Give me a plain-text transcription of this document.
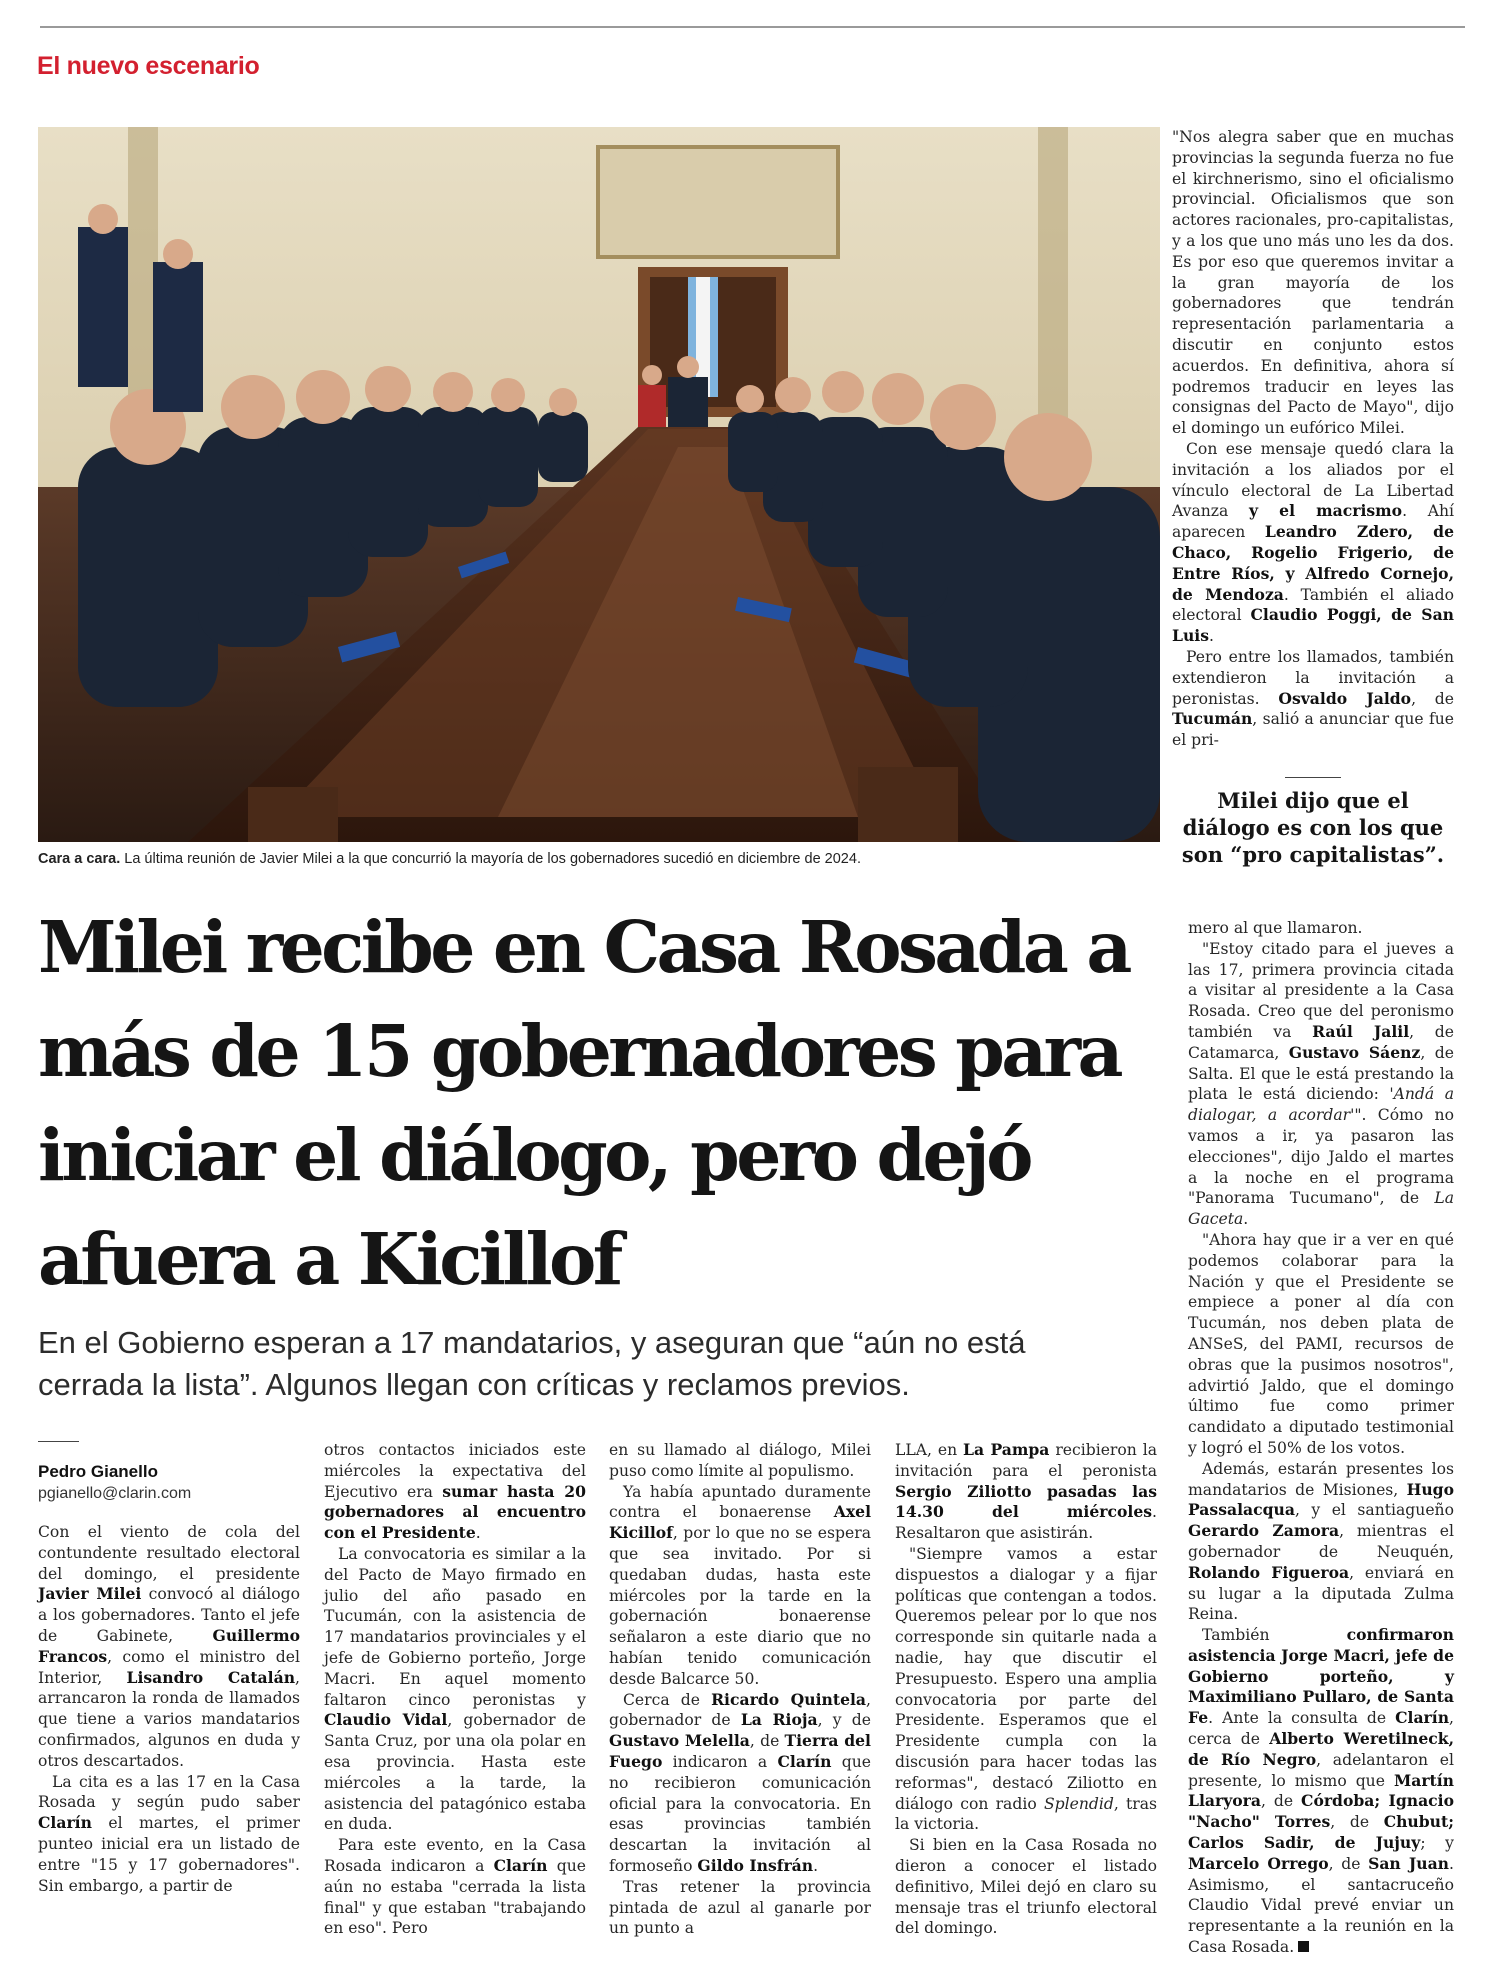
El nuevo escenario
Cara a cara. La última reunión de Javier Milei a la que concurrió la mayoría de los gobernadores sucedió en diciembre de 2024.

"Nos alegra saber que en muchas provincias la segunda fuerza no fue el kirchnerismo, sino el oficialismo provincial. Oficialismos que son actores racionales, pro-capitalistas, y a los que uno más uno les da dos. Es por eso que queremos invitar a la gran mayoría de los gobernadores que tendrán representación parlamentaria a discutir en conjunto estos acuerdos. En definitiva, ahora sí podremos traducir en leyes las consignas del Pacto de Mayo", dijo el domingo un eufórico Milei.

Con ese mensaje quedó clara la invitación a los aliados por el vínculo electoral de La Libertad Avanza y el macrismo. Ahí aparecen Leandro Zdero, de Chaco, Rogelio Frigerio, de Entre Ríos, y Alfredo Cornejo, de Mendoza. También el aliado electoral Claudio Poggi, de San Luis.

Pero entre los llamados, también extendieron la invitación a peronistas. Osvaldo Jaldo, de Tucumán, salió a anunciar que fue el pri-

Milei dijo que el diálogo es con los que son “pro capitalistas”.

mero al que llamaron.

"Estoy citado para el jueves a las 17, primera provincia citada a visitar al presidente a la Casa Rosada. Creo que del peronismo también va Raúl Jalil, de Catamarca, Gustavo Sáenz, de Salta. El que le está prestando la plata le está diciendo: 'Andá a dialogar, a acordar'". Cómo no vamos a ir, ya pasaron las elecciones", dijo Jaldo el martes a la noche en el programa "Panorama Tucumano", de La Gaceta.

"Ahora hay que ir a ver en qué podemos colaborar para la Nación y que el Presidente se empiece a poner al día con Tucumán, nos deben plata de ANSeS, del PAMI, recursos de obras que la pusimos nosotros", advirtió Jaldo, que el domingo último fue como primer candidato a diputado testimonial y logró el 50% de los votos.

Además, estarán presentes los mandatarios de Misiones, Hugo Passalacqua, y el santiagueño Gerardo Zamora, mientras el gobernador de Neuquén, Rolando Figueroa, enviará en su lugar a la diputada Zulma Reina.

También confirmaron asistencia Jorge Macri, jefe de Gobierno porteño, y Maximiliano Pullaro, de Santa Fe. Ante la consulta de Clarín, cerca de Alberto Weretilneck, de Río Negro, adelantaron el presente, lo mismo que Martín Llaryora, de Córdoba; Ignacio "Nacho" Torres, de Chubut; Carlos Sadir, de Jujuy; y Marcelo Orrego, de San Juan. Asimismo, el santacruceño Claudio Vidal prevé enviar un representante a la reunión en la Casa Rosada.

Milei recibe en Casa Rosada a más de 15 gobernadores para iniciar el diálogo, pero dejó afuera a Kicillof

En el Gobierno esperan a 17 mandatarios, y aseguran que “aún no está cerrada la lista”. Algunos llegan con críticas y reclamos previos.

Pedro Gianello
pgianello@clarin.com

Con el viento de cola del contundente resultado electoral del domingo, el presidente Javier Milei convocó al diálogo a los gobernadores. Tanto el jefe de Gabinete, Guillermo Francos, como el ministro del Interior, Lisandro Catalán, arrancaron la ronda de llamados que tiene a varios mandatarios confirmados, algunos en duda y otros descartados.

La cita es a las 17 en la Casa Rosada y según pudo saber Clarín el martes, el primer punteo inicial era un listado de entre "15 y 17 gobernadores". Sin embargo, a partir de

otros contactos iniciados este miércoles la expectativa del Ejecutivo era sumar hasta 20 gobernadores al encuentro con el Presidente.

La convocatoria es similar a la del Pacto de Mayo firmado en julio del año pasado en Tucumán, con la asistencia de 17 mandatarios provinciales y el jefe de Gobierno porteño, Jorge Macri. En aquel momento faltaron cinco peronistas y Claudio Vidal, gobernador de Santa Cruz, por una ola polar en esa provincia. Hasta este miércoles a la tarde, la asistencia del patagónico estaba en duda.

Para este evento, en la Casa Rosada indicaron a Clarín que aún no estaba "cerrada la lista final" y que estaban "trabajando en eso". Pero

en su llamado al diálogo, Milei puso como límite al populismo.

Ya había apuntado duramente contra el bonaerense Axel Kicillof, por lo que no se espera que sea invitado. Por si quedaban dudas, hasta este miércoles por la tarde en la gobernación bonaerense señalaron a este diario que no habían tenido comunicación desde Balcarce 50.

Cerca de Ricardo Quintela, gobernador de La Rioja, y de Gustavo Melella, de Tierra del Fuego indicaron a Clarín que no recibieron comunicación oficial para la convocatoria. En esas provincias también descartan la invitación al formoseño Gildo Insfrán.

Tras retener la provincia pintada de azul al ganarle por un punto a

LLA, en La Pampa recibieron la invitación para el peronista Sergio Ziliotto pasadas las 14.30 del miércoles. Resaltaron que asistirán.

"Siempre vamos a estar dispuestos a dialogar y a fijar políticas que contengan a todos. Queremos pelear por lo que nos corresponde sin quitarle nada a nadie, hay que discutir el Presupuesto. Espero una amplia convocatoria por parte del Presidente. Esperamos que el Presidente cumpla con la discusión para hacer todas las reformas", destacó Ziliotto en diálogo con radio Splendid, tras la victoria.

Si bien en la Casa Rosada no dieron a conocer el listado definitivo, Milei dejó en claro su mensaje tras el triunfo electoral del domingo.
